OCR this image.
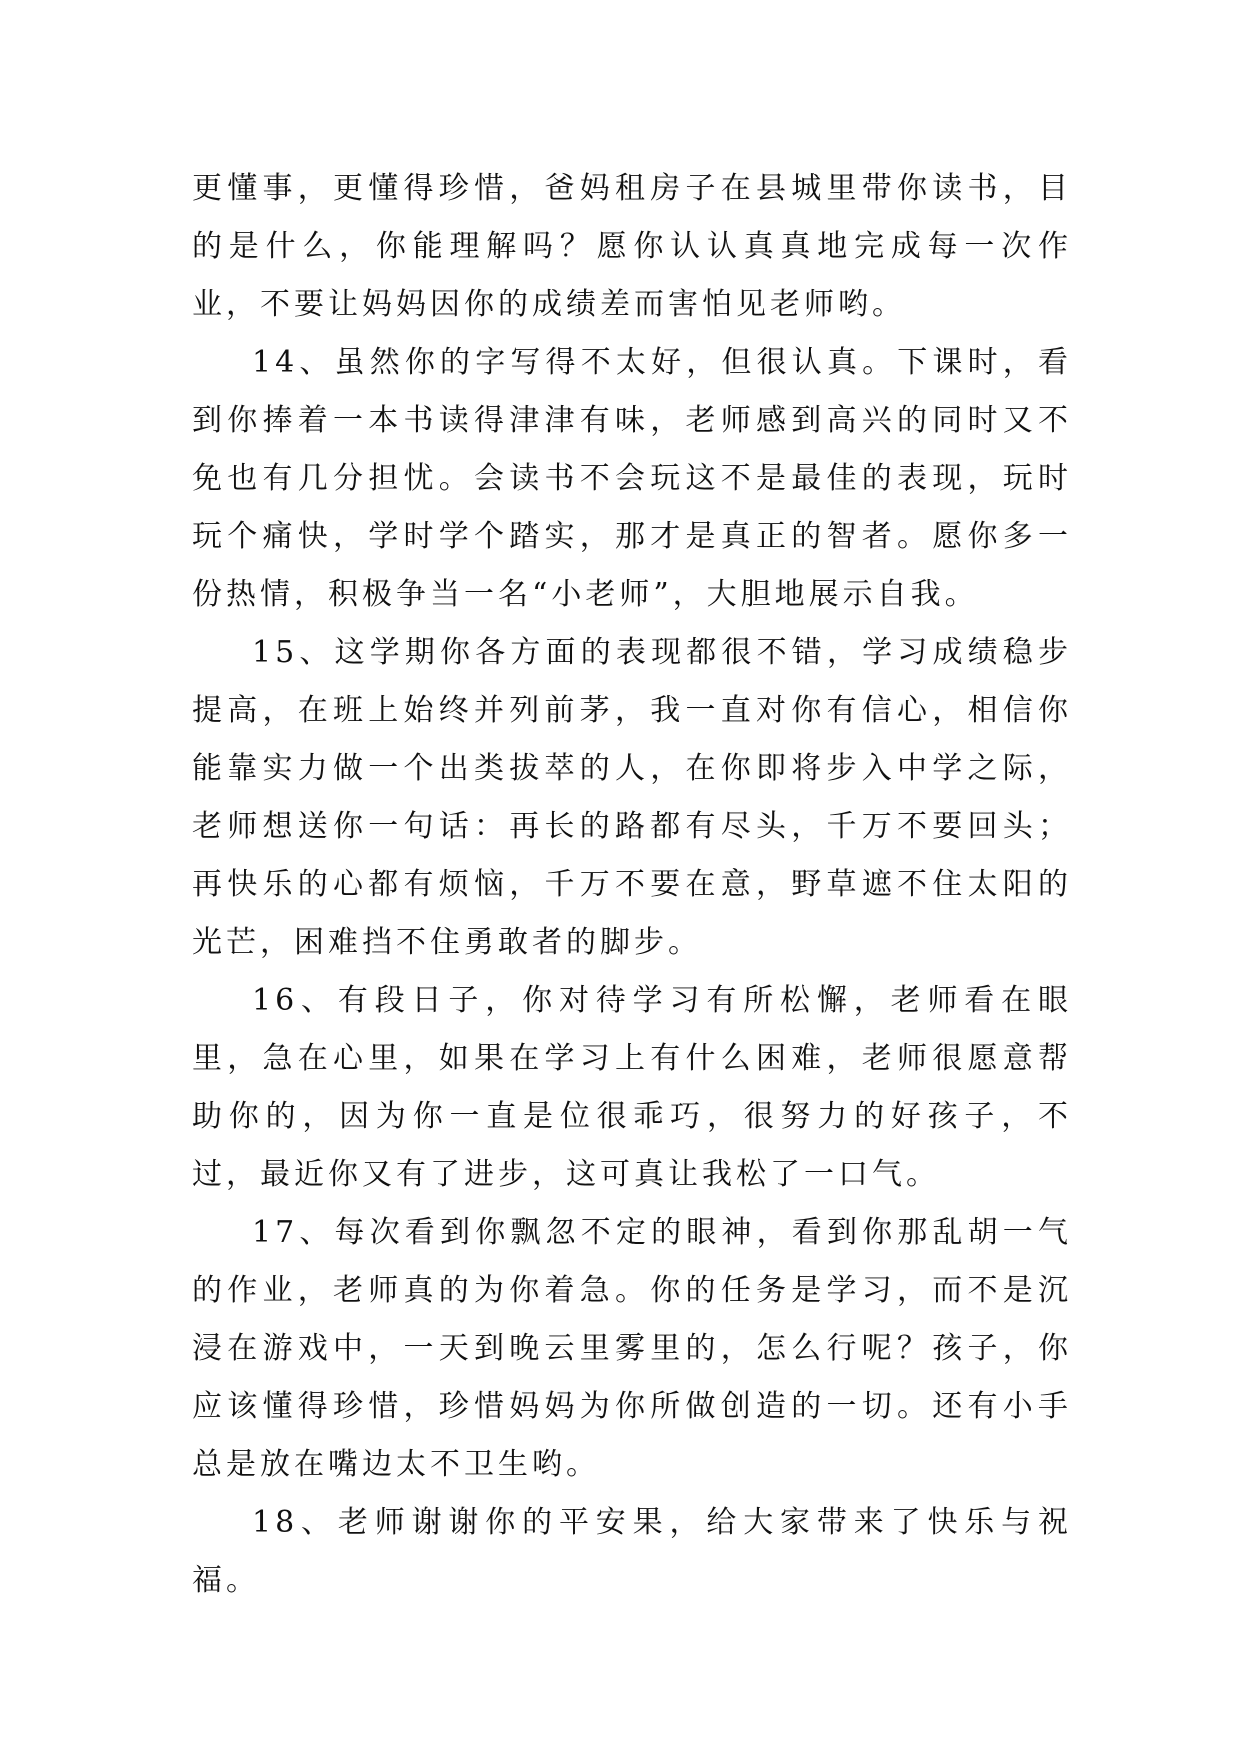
更懂事，更懂得珍惜，爸妈租房子在县城里带你读书，目的是什么，你能理解吗？愿你认认真真地完成每一次作业，不要让妈妈因你的成绩差而害怕见老师哟。

14、虽然你的字写得不太好，但很认真。下课时，看到你捧着一本书读得津津有味，老师感到高兴的同时又不免也有几分担忧。会读书不会玩这不是最佳的表现，玩时玩个痛快，学时学个踏实，那才是真正的智者。愿你多一份热情，积极争当一名“小老师”，大胆地展示自我。

15、这学期你各方面的表现都很不错，学习成绩稳步提高，在班上始终并列前茅，我一直对你有信心，相信你能靠实力做一个出类拔萃的人，在你即将步入中学之际，老师想送你一句话：再长的路都有尽头，千万不要回头；再快乐的心都有烦恼，千万不要在意，野草遮不住太阳的光芒，困难挡不住勇敢者的脚步。

16、有段日子，你对待学习有所松懈，老师看在眼里，急在心里，如果在学习上有什么困难，老师很愿意帮助你的，因为你一直是位很乖巧，很努力的好孩子，不过，最近你又有了进步，这可真让我松了一口气。

17、每次看到你飘忽不定的眼神，看到你那乱胡一气的作业，老师真的为你着急。你的任务是学习，而不是沉浸在游戏中，一天到晚云里雾里的，怎么行呢？孩子，你应该懂得珍惜，珍惜妈妈为你所做创造的一切。还有小手总是放在嘴边太不卫生哟。

18、老师谢谢你的平安果，给大家带来了快乐与祝福。
